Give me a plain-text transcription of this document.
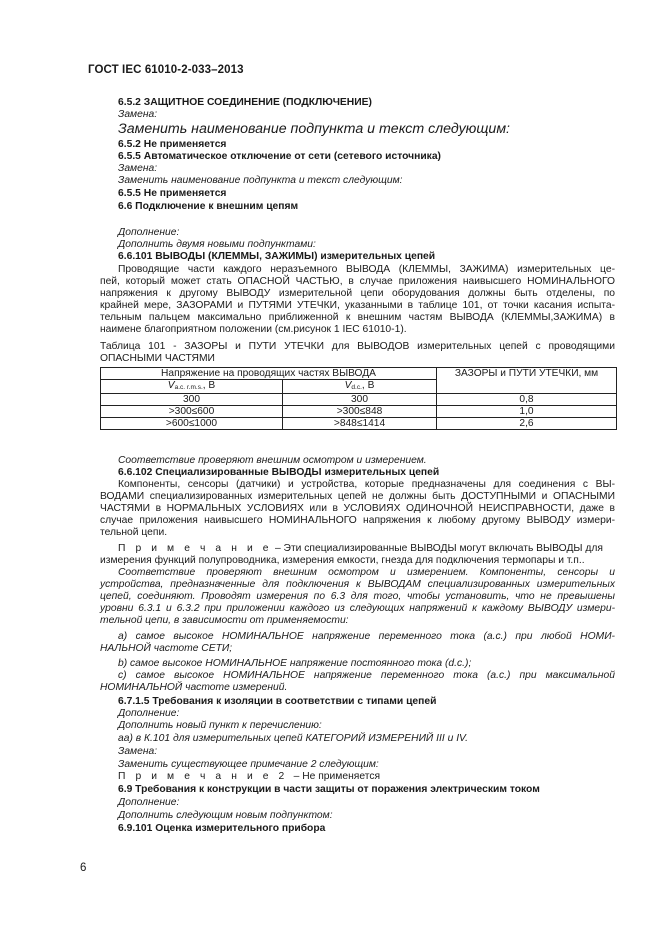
ГОСТ IEC 61010-2-033–2013
6.5.2 ЗАЩИТНОЕ СОЕДИНЕНИЕ (ПОДКЛЮЧЕНИЕ)
Замена:
Заменить наименование подпункта и текст следующим:
6.5.2 Не применяется
6.5.5 Автоматическое отключение от сети (сетевого источника)
Замена:
Заменить наименование подпункта и текст следующим:
6.5.5 Не применяется
6.6 Подключение к внешним цепям
Дополнение:
Дополнить двумя новыми подпунктами:
6.6.101 ВЫВОДЫ (КЛЕММЫ, ЗАЖИМЫ) измерительных цепей
Проводящие части каждого неразъемного ВЫВОДА (КЛЕММЫ, ЗАЖИМА) измерительных це-
пей, который может стать ОПАСНОЙ ЧАСТЬЮ, в случае приложения наивысшего НОМИНАЛЬНОГО
напряжения к другому ВЫВОДУ измерительной цепи оборудования должны быть отделены, по
крайней мере, ЗАЗОРАМИ и ПУТЯМИ УТЕЧКИ, указанными в таблице 101, от точки касания испыта-
тельным пальцем максимально приближенной к внешним частям ВЫВОДА (КЛЕММЫ,ЗАЖИМА) в
наимене благоприятном положении (см.рисунок 1 IEC 61010-1).
Таблица 101 - ЗАЗОРЫ и ПУТИ УТЕЧКИ для ВЫВОДОВ измерительных цепей с проводящими
ОПАСНЫМИ ЧАСТЯМИ
Напряжение на проводящих частях ВЫВОДА		ЗАЗОРЫ и ПУТИ УТЕЧКИ, мм
$V_{a.c. r.m.s.}$, В	$V_{d.c.}$, В	
300	300	0,8
>300≤600	>300≤848	1,0
>600≤1000	>848≤1414	2,6
Соответствие проверяют внешним осмотром и измерением.
6.6.102 Специализированные ВЫВОДЫ измерительных цепей
Компоненты, сенсоры (датчики) и устройства, которые предназначены для соединения с ВЫ-
ВОДАМИ специализированных измерительных цепей не должны быть ДОСТУПНЫМИ и ОПАСНЫМИ
ЧАСТЯМИ в НОРМАЛЬНЫХ УСЛОВИЯХ или в УСЛОВИЯХ ОДИНОЧНОЙ НЕИСПРАВНОСТИ, даже в
случае приложения наивысшего НОМИНАЛЬНОГО напряжения к любому другому ВЫВОДУ измери-
тельной цепи.
П р и м е ч а н и е – Эти специализированные ВЫВОДЫ могут включать ВЫВОДЫ для
измерения функций полупроводника, измерения емкости, гнезда для подключения термопары и т.п..
Соответствие проверяют внешним осмотром и измерением. Компоненты, сенсоры и
устройства, предназначенные для подключения к ВЫВОДАМ специализированных измерительных
цепей, соединяют. Проводят измерения по 6.3 для того, чтобы установить, что не превышены
уровни 6.3.1 и 6.3.2 при приложении каждого из следующих напряжений к каждому ВЫВОДУ измери-
тельной цепи, в зависимости от применяемости:
а) самое высокое НОМИНАЛЬНОЕ напряжение переменного тока (а.с.) при любой НОМИ-
НАЛЬНОЙ частоте СЕТИ;
b) самое высокое НОМИНАЛЬНОЕ напряжение постоянного тока (d.c.);
c) самое высокое НОМИНАЛЬНОЕ напряжение переменного тока (а.с.) при максимальной
НОМИНАЛЬНОЙ частоте измерений.
6.7.1.5 Требования к изоляции в соответствии с типами цепей
Дополнение:
Дополнить новый пункт к перечислению:
аа) в К.101 для измерительных цепей КАТЕГОРИЙ ИЗМЕРЕНИЙ III и IV.
Замена:
Заменить существующее примечание 2 следующим:
П р и м е ч а н и е 2 – Не применяется
6.9 Требования к конструкции в части защиты от поражения электрическим током
Дополнение:
Дополнить следующим новым подпунктом:
6.9.101 Оценка измерительного прибора
6
